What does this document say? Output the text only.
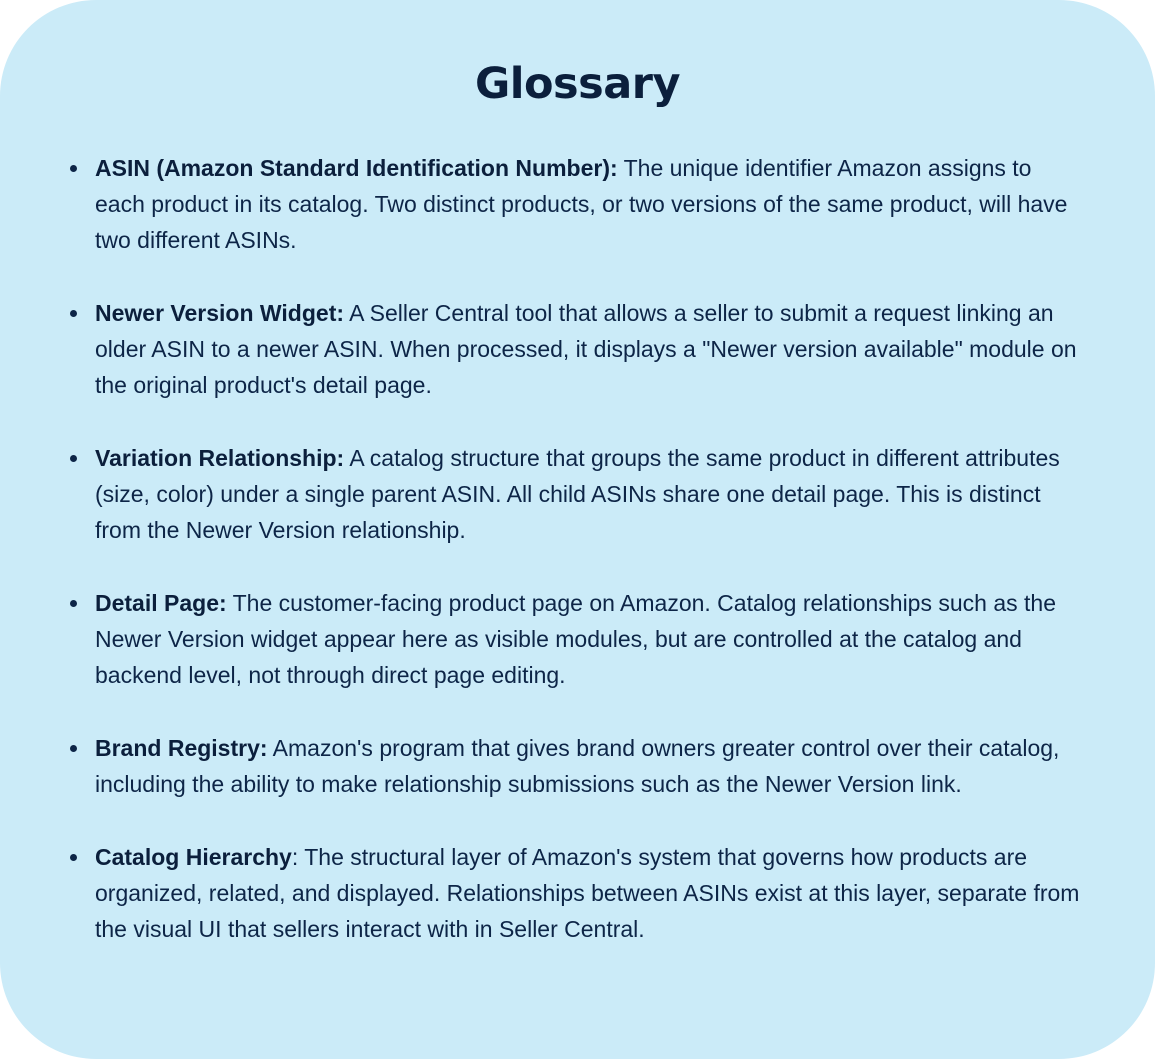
Glossary
ASIN (Amazon Standard Identification Number): The unique identifier Amazon assigns to each product in its catalog. Two distinct products, or two versions of the same product, will have two different ASINs.
Newer Version Widget: A Seller Central tool that allows a seller to submit a request linking an older ASIN to a newer ASIN. When processed, it displays a "Newer version available" module on the original product's detail page.
Variation Relationship: A catalog structure that groups the same product in different attributes (size, color) under a single parent ASIN. All child ASINs share one detail page. This is distinct from the Newer Version relationship.
Detail Page: The customer-facing product page on Amazon. Catalog relationships such as the Newer Version widget appear here as visible modules, but are controlled at the catalog and backend level, not through direct page editing.
Brand Registry: Amazon's program that gives brand owners greater control over their catalog, including the ability to make relationship submissions such as the Newer Version link.
Catalog Hierarchy: The structural layer of Amazon's system that governs how products are organized, related, and displayed. Relationships between ASINs exist at this layer, separate from the visual UI that sellers interact with in Seller Central.
